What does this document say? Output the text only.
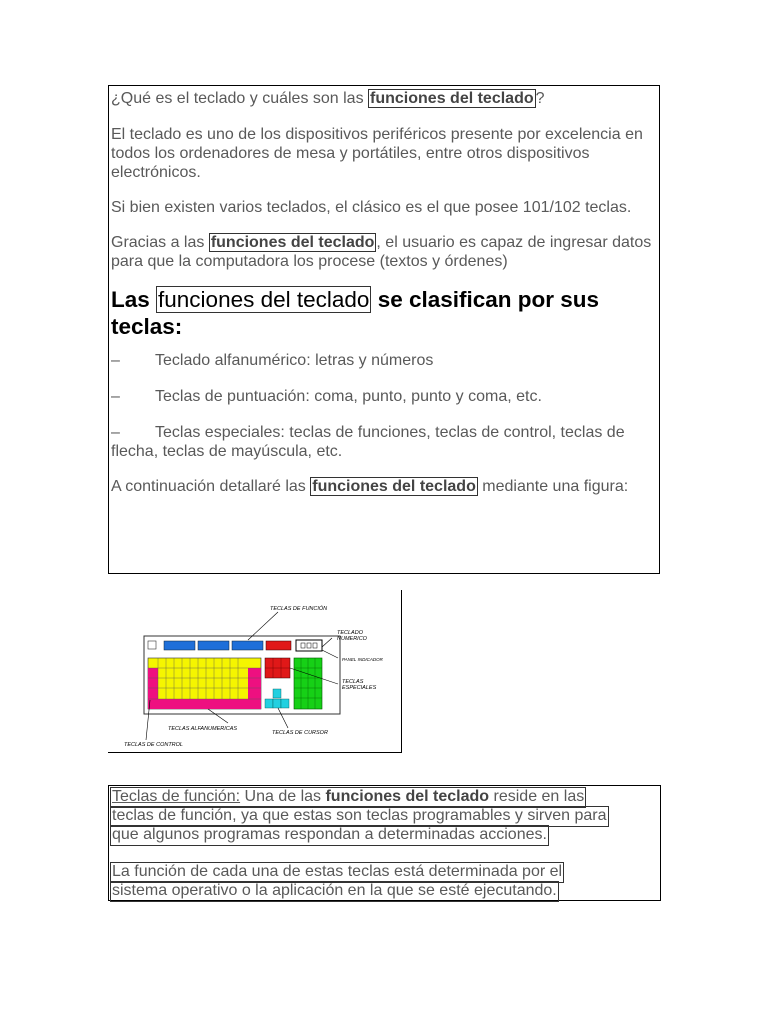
¿Qué es el teclado y cuáles son las funciones del teclado ?

El teclado es uno de los dispositivos periféricos presente por excelencia en todos los ordenadores de mesa y portátiles, entre otros dispositivos electrónicos.

Si bien existen varios teclados, el clásico es el que posee 101/102 teclas.

Gracias a las funciones del teclado , el usuario es capaz de ingresar datos para que la computadora los procese (textos y órdenes)

Las funciones del teclado se clasifican por sus teclas:

– Teclado alfanumérico: letras y números

– Teclas de puntuación: coma, punto, punto y coma, etc.

– Teclas especiales: teclas de funciones, teclas de control, teclas de flecha, teclas de mayúscula, etc.

A continuación detallaré las funciones del teclado mediante una figura:

TECLAS DE FUNCIÓN
TECLADO
NUMERICO
PANEL INDICADOR
TECLAS
ESPECIALES
TECLAS ALFANUMERICAS
TECLAS DE CURSOR
TECLAS DE CONTROL
Teclas de función: Una de las funciones del teclado reside en las
teclas de función, ya que estas son teclas programables y sirven para
que algunos programas respondan a determinadas acciones.
La función de cada una de estas teclas está determinada por el
sistema operativo o la aplicación en la que se esté ejecutando.
